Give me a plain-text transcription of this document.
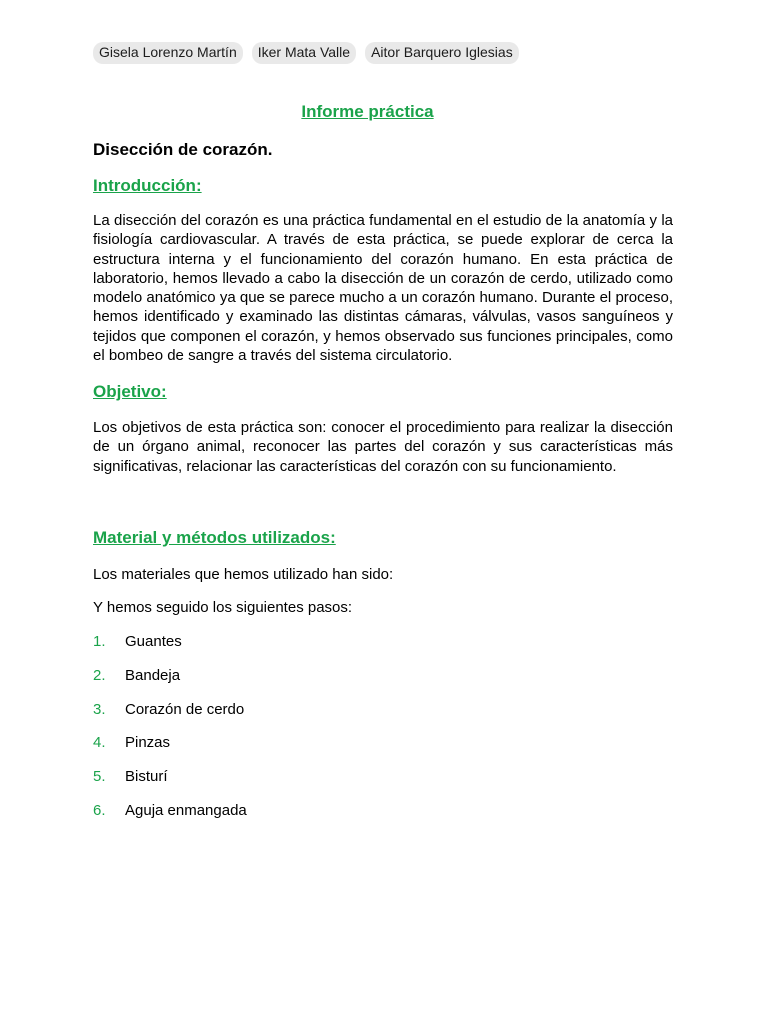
Gisela Lorenzo Martín	Iker Mata Valle	Aitor Barquero Iglesias
Informe práctica
Disección de corazón.
Introducción:
La disección del corazón es una práctica fundamental en el estudio de la anatomía y la fisiología cardiovascular. A través de esta práctica, se puede explorar de cerca la estructura interna y el funcionamiento del corazón humano. En esta práctica de laboratorio, hemos llevado a cabo la disección de un corazón de cerdo, utilizado como modelo anatómico ya que se parece mucho a un corazón humano. Durante el proceso, hemos identificado y examinado las distintas cámaras, válvulas, vasos sanguíneos y tejidos que componen el corazón, y hemos observado sus funciones principales, como el bombeo de sangre a través del sistema circulatorio.
Objetivo:
Los objetivos de esta práctica son: conocer el procedimiento para realizar la disección de un órgano animal, reconocer las partes del corazón y sus características más significativas, relacionar las características del corazón con su funcionamiento.
Material y métodos utilizados:
Los materiales que hemos utilizado han sido:
Y hemos seguido los siguientes pasos:
1. Guantes
2. Bandeja
3. Corazón de cerdo
4. Pinzas
5. Bisturí
6. Aguja enmangada
